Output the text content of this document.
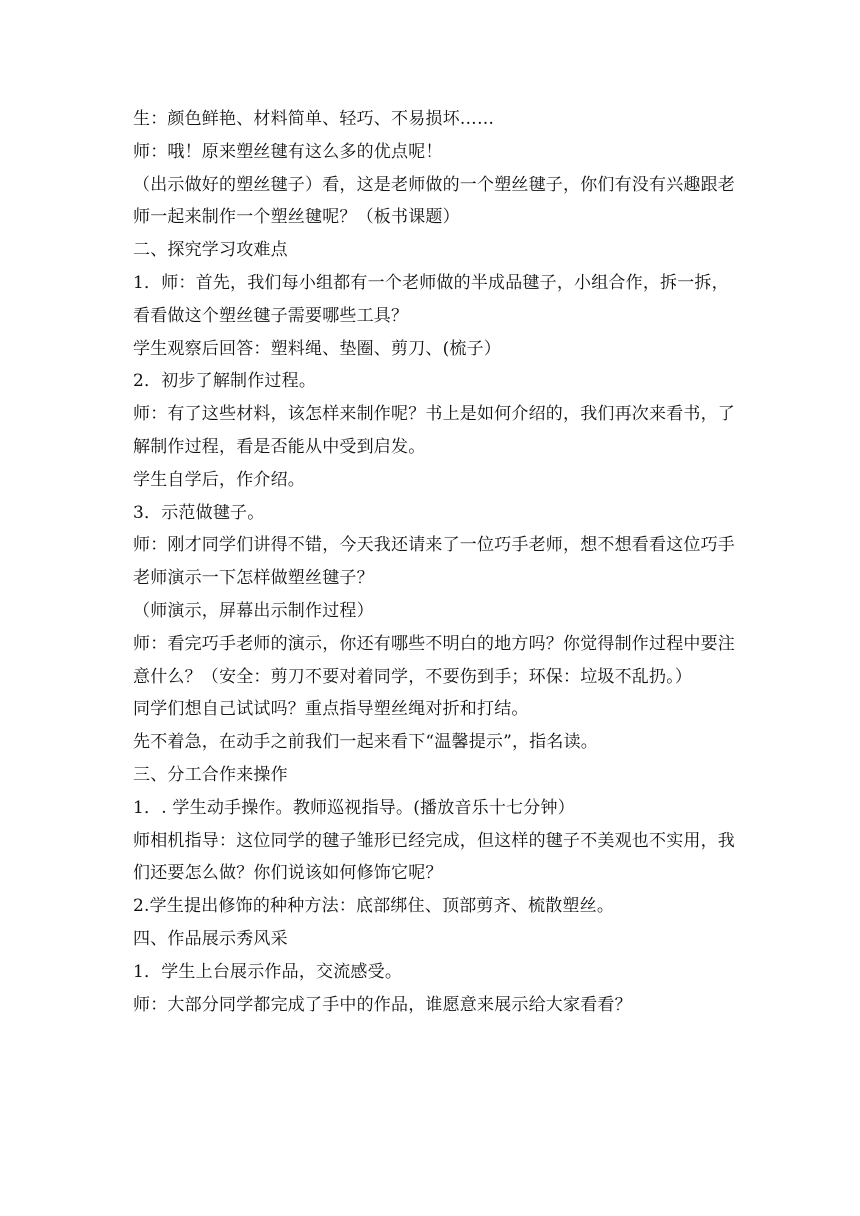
生：颜色鲜艳、材料简单、轻巧、不易损坏……
师：哦！原来塑丝毽有这么多的优点呢！
（出示做好的塑丝毽子）看，这是老师做的一个塑丝毽子，你们有没有兴趣跟老
师一起来制作一个塑丝毽呢？（板书课题）
二、探究学习攻难点
1．师：首先，我们每小组都有一个老师做的半成品毽子，小组合作，拆一拆，
看看做这个塑丝毽子需要哪些工具？
学生观察后回答：塑料绳、垫圈、剪刀、(梳子）
2．初步了解制作过程。
师：有了这些材料，该怎样来制作呢？书上是如何介绍的，我们再次来看书，了
解制作过程，看是否能从中受到启发。
学生自学后，作介绍。
3．示范做毽子。
师：刚才同学们讲得不错，今天我还请来了一位巧手老师，想不想看看这位巧手
老师演示一下怎样做塑丝毽子？
（师演示，屏幕出示制作过程）
师：看完巧手老师的演示，你还有哪些不明白的地方吗？你觉得制作过程中要注
意什么？（安全：剪刀不要对着同学，不要伤到手；环保：垃圾不乱扔。）
同学们想自己试试吗？重点指导塑丝绳对折和打结。
先不着急，在动手之前我们一起来看下“温馨提示”，指名读。
三、分工合作来操作
1．. 学生动手操作。教师巡视指导。(播放音乐十七分钟）
师相机指导：这位同学的毽子雏形已经完成，但这样的毽子不美观也不实用，我
们还要怎么做？你们说该如何修饰它呢？
2.学生提出修饰的种种方法：底部绑住、顶部剪齐、梳散塑丝。
四、作品展示秀风采
1．学生上台展示作品，交流感受。
师：大部分同学都完成了手中的作品，谁愿意来展示给大家看看？
